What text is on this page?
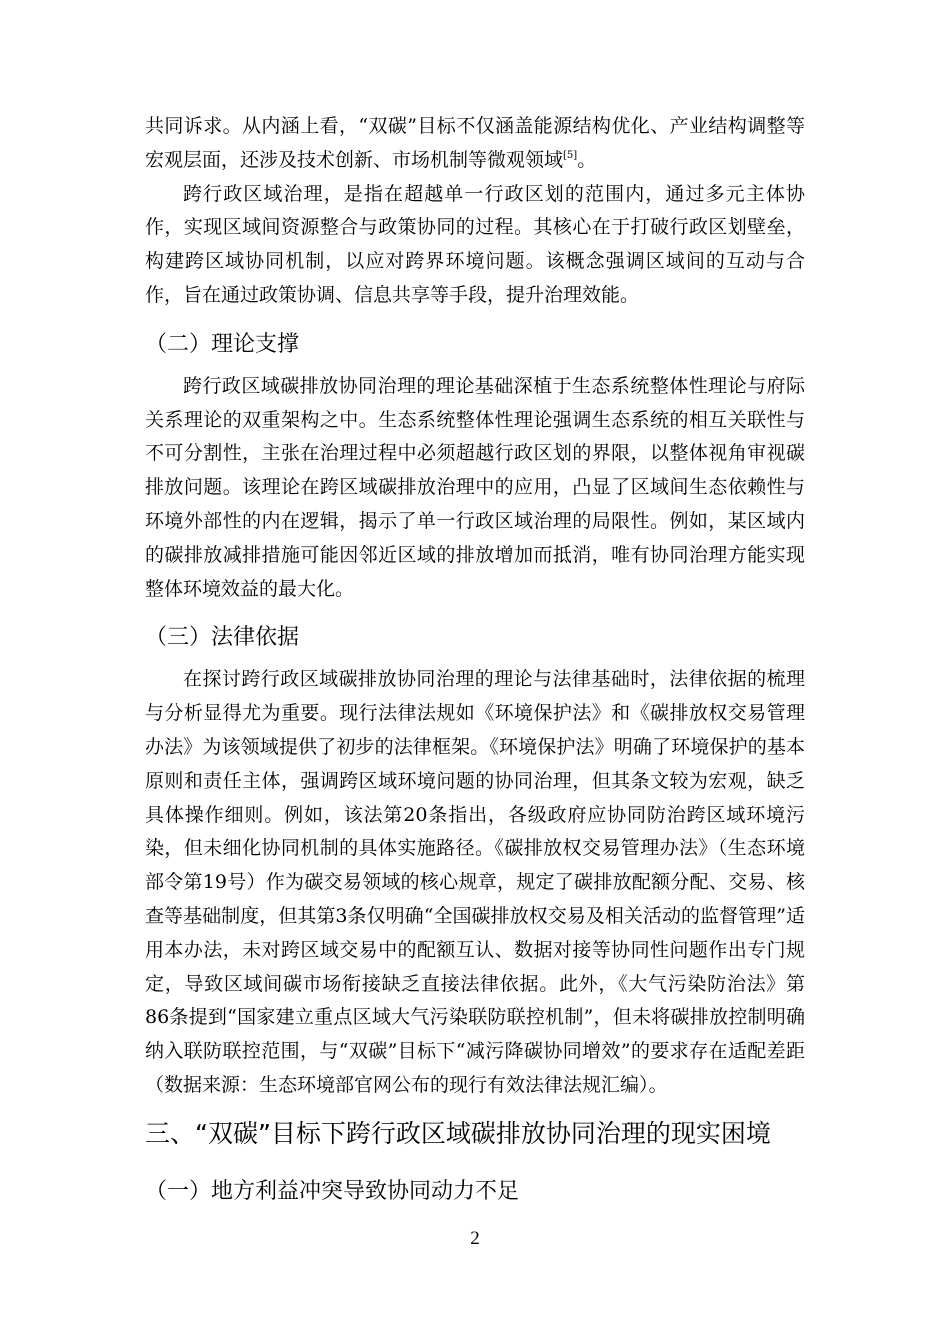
共同诉求。从内涵上看，“双碳”目标不仅涵盖能源结构优化、产业结构调整等宏观层面，还涉及技术创新、市场机制等微观领域[5]。

跨行政区域治理，是指在超越单一行政区划的范围内，通过多元主体协作，实现区域间资源整合与政策协同的过程。其核心在于打破行政区划壁垒，构建跨区域协同机制，以应对跨界环境问题。该概念强调区域间的互动与合作，旨在通过政策协调、信息共享等手段，提升治理效能。

（二）理论支撑

跨行政区域碳排放协同治理的理论基础深植于生态系统整体性理论与府际关系理论的双重架构之中。生态系统整体性理论强调生态系统的相互关联性与不可分割性，主张在治理过程中必须超越行政区划的界限，以整体视角审视碳排放问题。该理论在跨区域碳排放治理中的应用，凸显了区域间生态依赖性与环境外部性的内在逻辑，揭示了单一行政区域治理的局限性。例如，某区域内的碳排放减排措施可能因邻近区域的排放增加而抵消，唯有协同治理方能实现整体环境效益的最大化。

（三）法律依据

在探讨跨行政区域碳排放协同治理的理论与法律基础时，法律依据的梳理与分析显得尤为重要。现行法律法规如《环境保护法》和《碳排放权交易管理办法》为该领域提供了初步的法律框架。《环境保护法》明确了环境保护的基本原则和责任主体，强调跨区域环境问题的协同治理，但其条文较为宏观，缺乏具体操作细则。例如，该法第20条指出，各级政府应协同防治跨区域环境污染，但未细化协同机制的具体实施路径。《碳排放权交易管理办法》（生态环境部令第19号）作为碳交易领域的核心规章，规定了碳排放配额分配、交易、核查等基础制度，但其第3条仅明确“全国碳排放权交易及相关活动的监督管理”适用本办法，未对跨区域交易中的配额互认、数据对接等协同性问题作出专门规定，导致区域间碳市场衔接缺乏直接法律依据。此外，《大气污染防治法》第86条提到“国家建立重点区域大气污染联防联控机制”，但未将碳排放控制明确纳入联防联控范围，与“双碳”目标下“减污降碳协同增效”的要求存在适配差距（数据来源：生态环境部官网公布的现行有效法律法规汇编）。

三、“双碳”目标下跨行政区域碳排放协同治理的现实困境
（一）地方利益冲突导致协同动力不足
2
